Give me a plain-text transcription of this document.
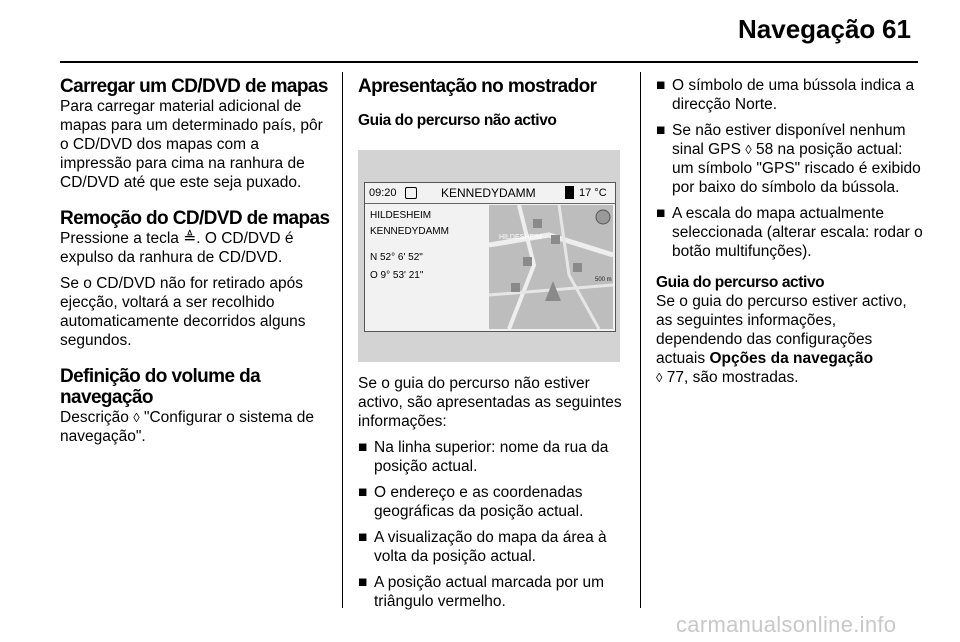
Navegação 61
Carregar um CD/DVD de mapas

Para carregar material adicional de mapas para um determinado país, pôr o CD/DVD dos mapas com a impressão para cima na ranhura de CD/DVD até que este seja puxado.

Remoção do CD/DVD de mapas

Pressione a tecla ≜. O CD/DVD é expulso da ranhura de CD/DVD.

Se o CD/DVD não for retirado após ejecção, voltará a ser recolhido automaticamente decorridos alguns segundos.

Definição do volume da navegação

Descrição ◊ "Configurar o sistema de navegação".

Apresentação no mostrador
Guia do percurso não activo
09:20	KENNEDYDAMM	17 °C
HILDESHEIM
KENNEDYDAMM
N 52° 6' 52"
O 9° 53' 21"
HILDESHEIM
500 m

Se o guia do percurso não estiver activo, são apresentadas as seguintes informações:

■ Na linha superior: nome da rua da posição actual.
■ O endereço e as coordenadas geográficas da posição actual.
■ A visualização do mapa da área à volta da posição actual.
■ A posição actual marcada por um triângulo vermelho.
■ O símbolo de uma bússola indica a direcção Norte.
■ Se não estiver disponível nenhum sinal GPS ◊ 58 na posição actual: um símbolo "GPS" riscado é exibido por baixo do símbolo da bússola.
■ A escala do mapa actualmente seleccionada (alterar escala: rodar o botão multifunções).
Guia do percurso activo

Se o guia do percurso estiver activo, as seguintes informações, dependendo das configurações actuais Opções da navegação
◊ 77, são mostradas.

carmanualsonline.info
